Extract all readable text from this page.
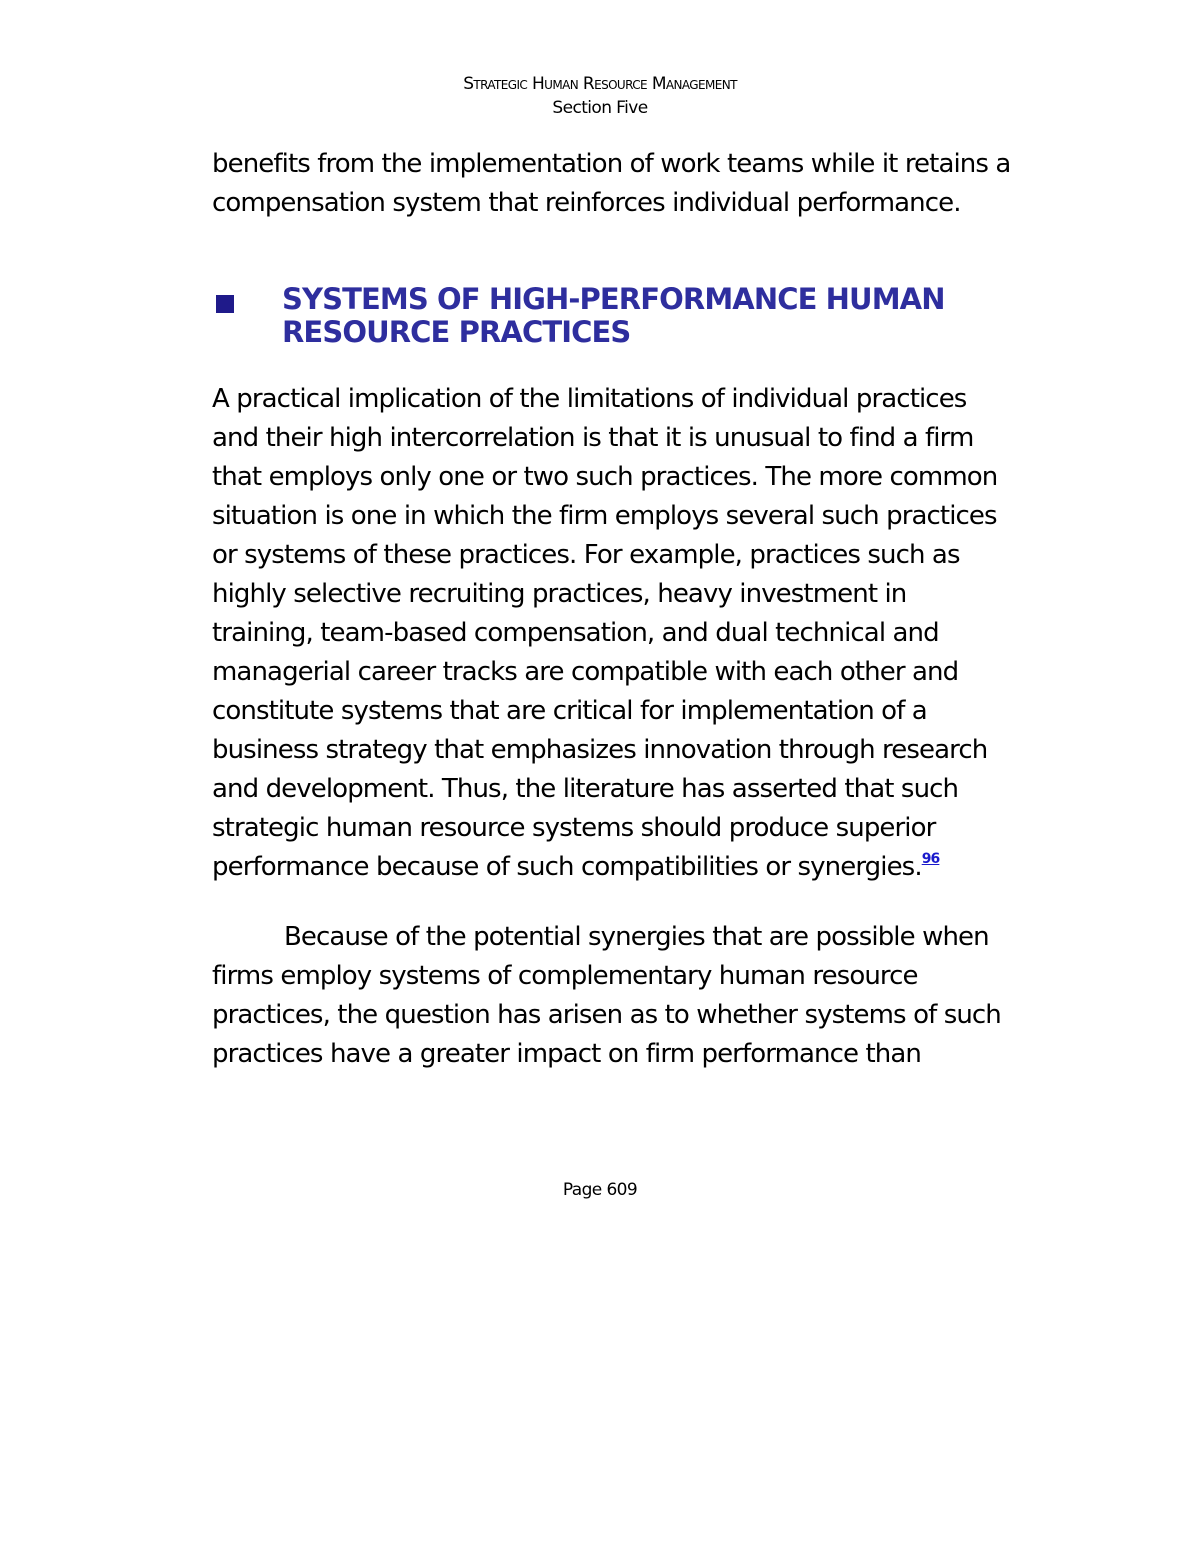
Strategic Human Resource Management
Section Five
benefits from the implementation of work teams while it retains a compensation system that reinforces individual performance.
SYSTEMS OF HIGH-PERFORMANCE HUMAN RESOURCE PRACTICES
A practical implication of the limitations of individual practices and their high intercorrelation is that it is unusual to find a firm that employs only one or two such practices. The more common situation is one in which the firm employs several such practices or systems of these practices. For example, practices such as highly selective recruiting practices, heavy investment in training, team-based compensation, and dual technical and managerial career tracks are compatible with each other and constitute systems that are critical for implementation of a business strategy that emphasizes innovation through research and development. Thus, the literature has asserted that such strategic human resource systems should produce superior performance because of such compatibilities or synergies.$^{96}$
Because of the potential synergies that are possible when firms employ systems of complementary human resource practices, the question has arisen as to whether systems of such practices have a greater impact on firm performance than
Page 609
